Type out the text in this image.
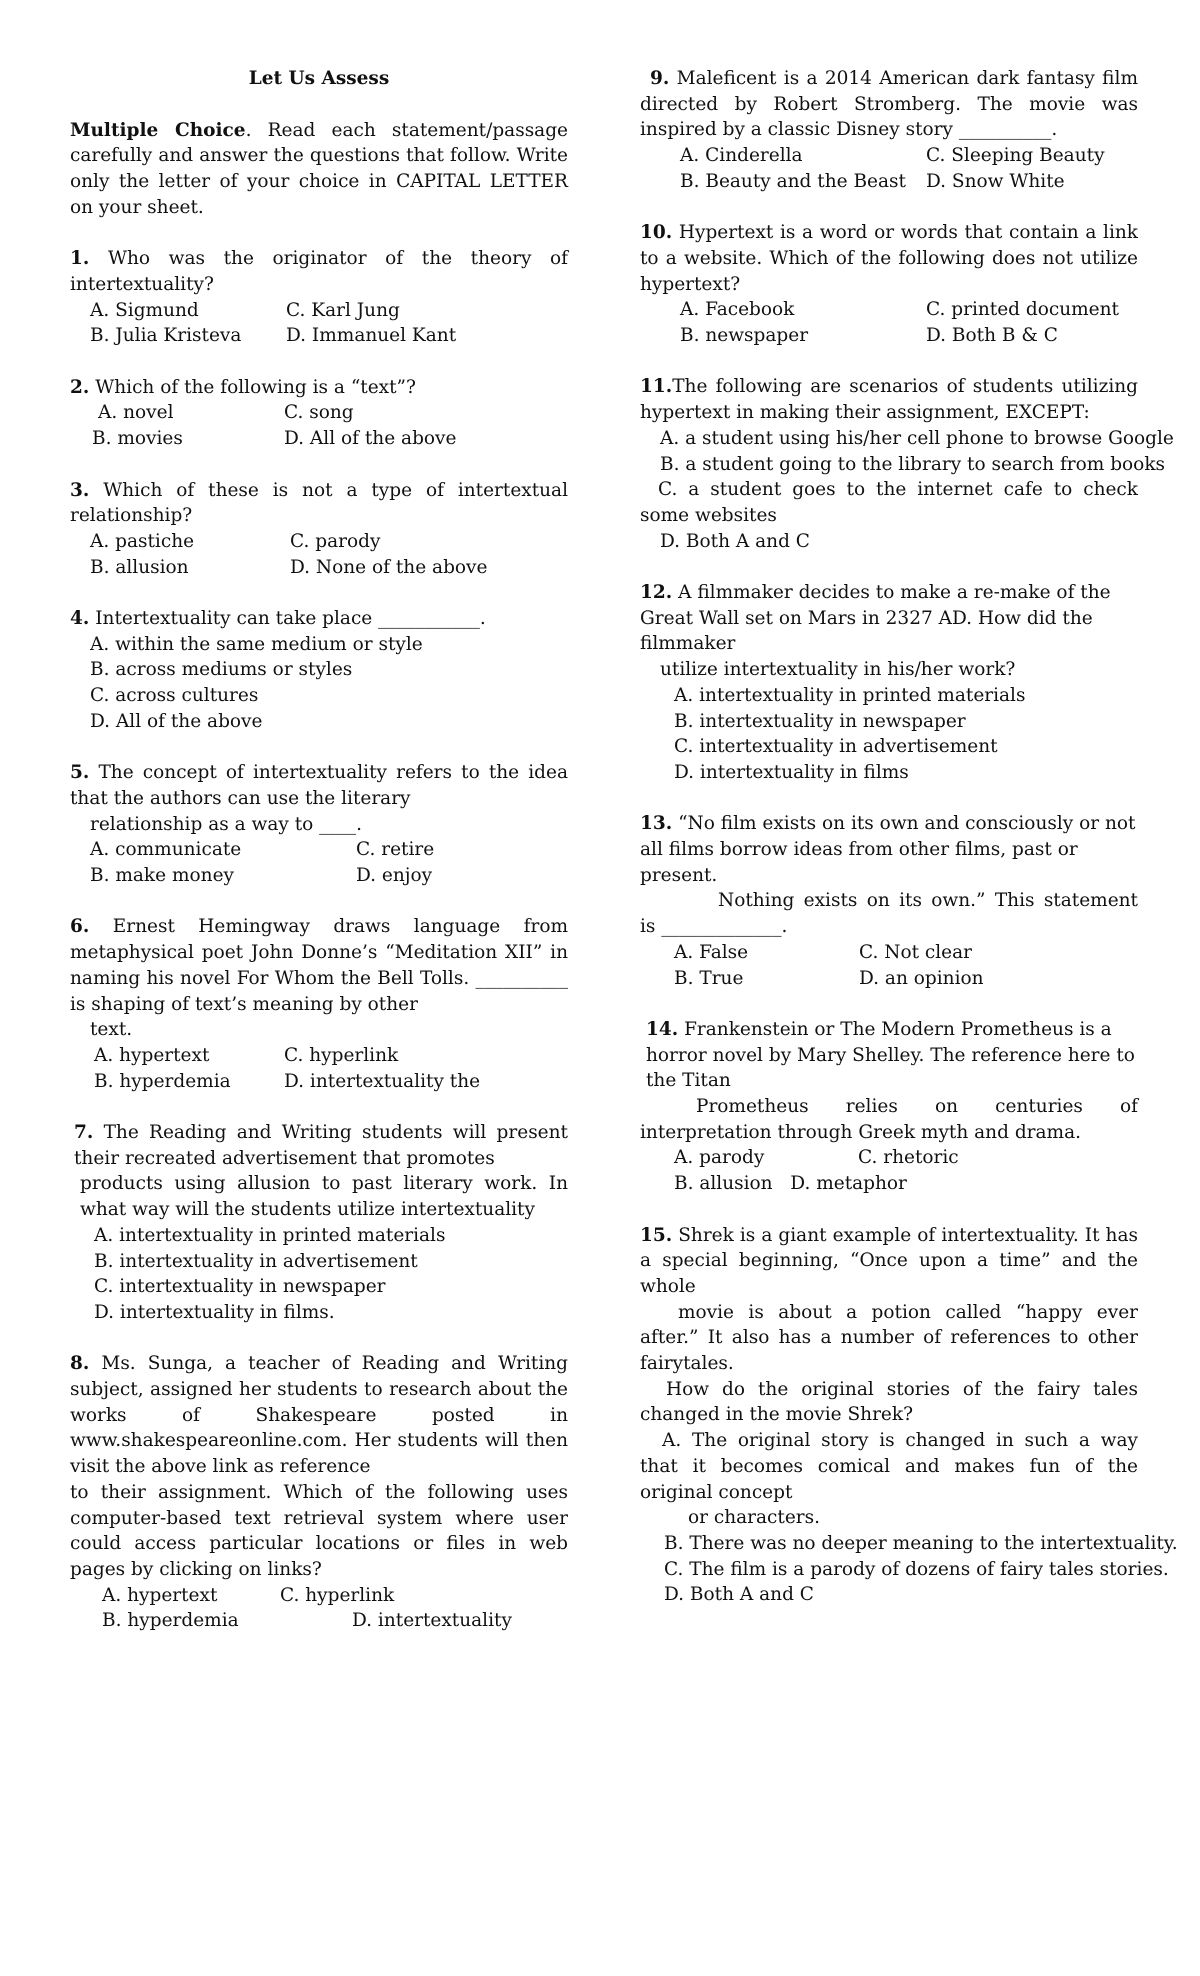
Let Us Assess

Multiple Choice. Read each statement/passage carefully and answer the questions that follow. Write only the letter of your choice in CAPITAL LETTER on your sheet.

1. Who was the originator of the theory of intertextuality?

A. Sigmund	C. Karl Jung
B. Julia Kristeva	D. Immanuel Kant

2. Which of the following is a “text”?

A. novel	C. song
B. movies	D. All of the above

3. Which of these is not a type of intertextual relationship?

A. pastiche	C. parody
B. allusion	D. None of the above

4. Intertextuality can take place ___________.

A. within the same medium or style
B. across mediums or styles
C. across cultures
D. All of the above

5. The concept of intertextuality refers to the idea that the authors can use the literary

relationship as a way to ____.

A. communicate	C. retire
B. make money	D. enjoy

6. Ernest Hemingway draws language from metaphysical poet John Donne’s “Meditation XII” in naming his novel For Whom the Bell Tolls. __________ is shaping of text’s meaning by other

text.

A. hypertext	C. hyperlink
B. hyperdemia	D. intertextuality the

7. The Reading and Writing students will present their recreated advertisement that promotes

products using allusion to past literary work. In what way will the students utilize intertextuality

A. intertextuality in printed materials
B. intertextuality in advertisement
C. intertextuality in newspaper
D. intertextuality in films.

8. Ms. Sunga, a teacher of Reading and Writing subject, assigned her students to research about the works of Shakespeare posted in www.shakespeareonline.com. Her students will then visit the above link as reference

to their assignment. Which of the following uses computer-based text retrieval system where user could access particular locations or files in web pages by clicking on links?

A. hypertext	C. hyperlink
B. hyperdemia	D. intertextuality

9. Maleficent is a 2014 American dark fantasy film directed by Robert Stromberg. The movie was inspired by a classic Disney story __________.

A. Cinderella	C. Sleeping Beauty
B. Beauty and the Beast	D. Snow White

10. Hypertext is a word or words that contain a link to a website. Which of the following does not utilize hypertext?

A. Facebook	C. printed document
B. newspaper	D. Both B & C

11.The following are scenarios of students utilizing hypertext in making their assignment, EXCEPT:

A. a student using his/her cell phone to browse Google
B. a student going to the library to search from books

C. a student goes to the internet cafe to check some websites

D. Both A and C

12. A filmmaker decides to make a re-make of the Great Wall set on Mars in 2327 AD. How did the filmmaker

utilize intertextuality in his/her work?

A. intertextuality in printed materials
B. intertextuality in newspaper
C. intertextuality in advertisement
D. intertextuality in films

13. “No film exists on its own and consciously or not all films borrow ideas from other films, past or present.

Nothing exists on its own.” This statement is _____________.

A. False	C. Not clear
B. True	D. an opinion

14. Frankenstein or The Modern Prometheus is a horror novel by Mary Shelley. The reference here to the Titan

Prometheus relies on centuries of interpretation through Greek myth and drama.

A. parody	C. rhetoric
B. allusion D. metaphor

15. Shrek is a giant example of intertextuality. It has a special beginning, “Once upon a time” and the whole

movie is about a potion called “happy ever after.” It also has a number of references to other fairytales.

How do the original stories of the fairy tales changed in the movie Shrek?

A. The original story is changed in such a way that it becomes comical and makes fun of the original concept

or characters.

B. There was no deeper meaning to the intertextuality.
C. The film is a parody of dozens of fairy tales stories.
D. Both A and C
